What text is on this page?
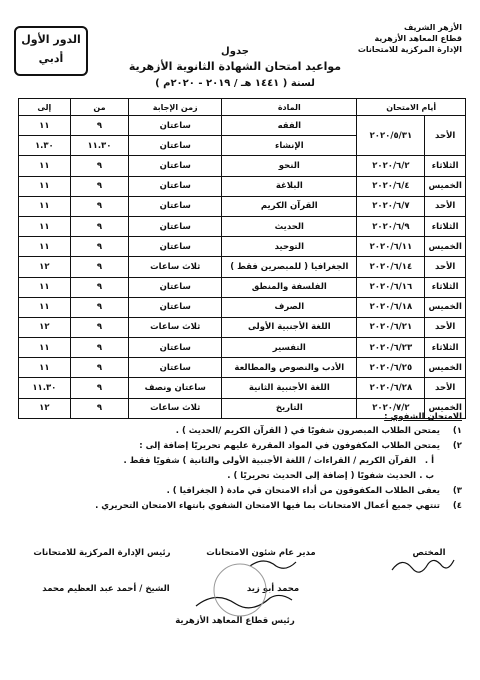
الأزهر الشريف
قطاع المعاهد الأزهرية
الإدارة المركزية للامتحانات
الدور الأول
أدبي
جدول
مواعيد امتحان الشهادة الثانوية الأزهرية
لسنة ( ١٤٤١ هـ / ٢٠١٩ - ٢٠٢٠م )
أيام الامتحان		المادة	زمن الإجابة	من	إلى
الأحد	٢٠٢٠/٥/٣١	الفقه	ساعتان	٩	١١
		الإنشاء	ساعتان	١١.٣٠	١.٣٠
الثلاثاء	٢٠٢٠/٦/٢	النحو	ساعتان	٩	١١
الخميس	٢٠٢٠/٦/٤	البلاغة	ساعتان	٩	١١
الأحد	٢٠٢٠/٦/٧	القرآن الكريم	ساعتان	٩	١١
الثلاثاء	٢٠٢٠/٦/٩	الحديث	ساعتان	٩	١١
الخميس	٢٠٢٠/٦/١١	التوحيد	ساعتان	٩	١١
الأحد	٢٠٢٠/٦/١٤	الجغرافيا ( للمبصرين فقط )	ثلاث ساعات	٩	١٢
الثلاثاء	٢٠٢٠/٦/١٦	الفلسفة والمنطق	ساعتان	٩	١١
الخميس	٢٠٢٠/٦/١٨	الصرف	ساعتان	٩	١١
الأحد	٢٠٢٠/٦/٢١	اللغة الأجنبية الأولى	ثلاث ساعات	٩	١٢
الثلاثاء	٢٠٢٠/٦/٢٣	التفسير	ساعتان	٩	١١
الخميس	٢٠٢٠/٦/٢٥	الأدب والنصوص والمطالعة	ساعتان	٩	١١
الأحد	٢٠٢٠/٦/٢٨	اللغة الأجنبية الثانية	ساعتان ونصف	٩	١١.٣٠
الخميس	٢٠٢٠/٧/٢	التاريخ	ثلاث ساعات	٩	١٢
الامتحان الشفوي :
١)
يمتحن الطلاب المبصرون شفويًا في ( القرآن الكريم /الحديث ) .
٢)
يمتحن الطلاب المكفوفون في المواد المقررة عليهم تحريريًا إضافة إلى :
أ .
القرآن الكريم / القراءات / اللغة الأجنبية الأولى والثانية ) شفويًا فقط .
ب .
الحديث شفويًا ( إضافة إلى الحديث تحريريًا ) .
٣)
يعفى الطلاب المكفوفون من أداء الامتحان في مادة ( الجغرافيا ) .
٤)
تنتهي جميع أعمال الامتحانات بما فيها الامتحان الشفوي بانتهاء الامتحان التحريري .
المختص
مدير عام شئون الامتحانات
رئيس الإدارة المركزية للامتحانات
الشيخ / أحمد عبد العظيم محمد	محمد أبو زيد
رئيس قطاع المعاهد الأزهرية
